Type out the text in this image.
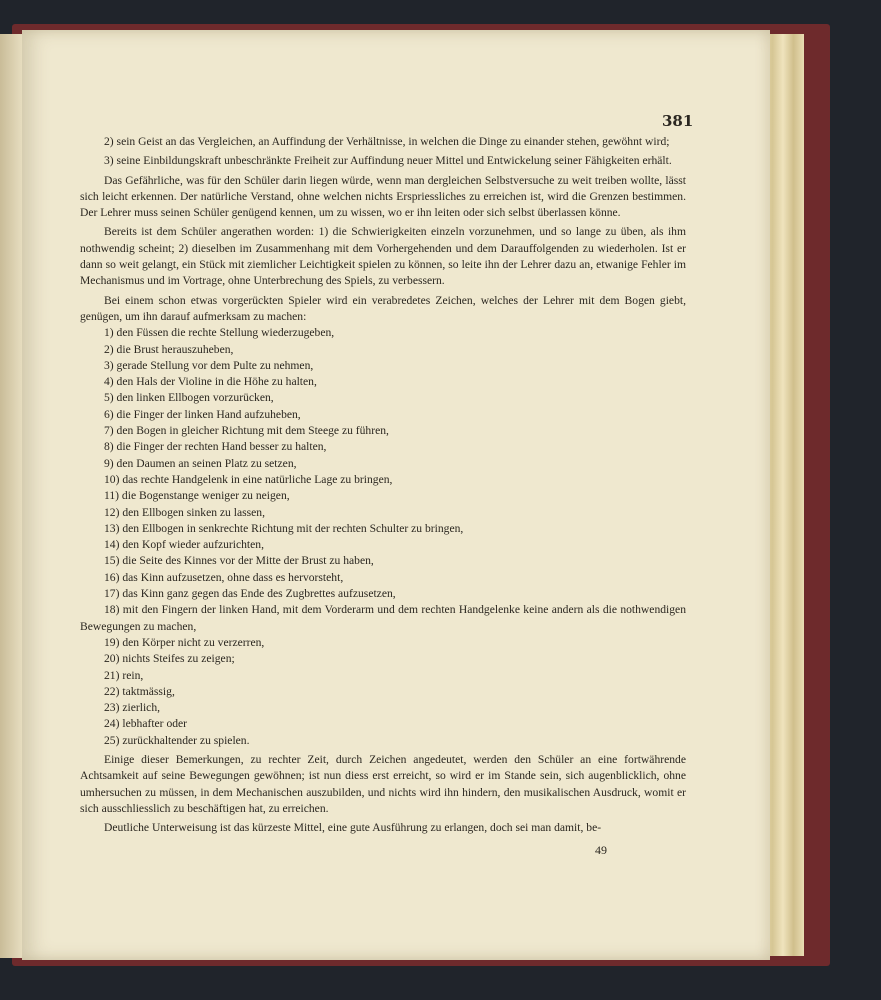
381

2) sein Geist an das Vergleichen, an Auffindung der Verhältnisse, in welchen die Dinge zu einander stehen, gewöhnt wird;

3) seine Einbildungskraft unbeschränkte Freiheit zur Auffindung neuer Mittel und Entwickelung seiner Fähigkeiten erhält.

Das Gefährliche, was für den Schüler darin liegen würde, wenn man dergleichen Selbstversuche zu weit treiben wollte, lässt sich leicht erkennen. Der natürliche Verstand, ohne welchen nichts Erspriessliches zu erreichen ist, wird die Grenzen bestimmen. Der Lehrer muss seinen Schüler genügend kennen, um zu wissen, wo er ihn leiten oder sich selbst überlassen könne.

Bereits ist dem Schüler angerathen worden: 1) die Schwierigkeiten einzeln vorzunehmen, und so lange zu üben, als ihm nothwendig scheint; 2) dieselben im Zusammenhang mit dem Vorhergehenden und dem Darauffolgenden zu wiederholen. Ist er dann so weit gelangt, ein Stück mit ziemlicher Leichtigkeit spielen zu können, so leite ihn der Lehrer dazu an, etwanige Fehler im Mechanismus und im Vortrage, ohne Unterbrechung des Spiels, zu verbessern.

Bei einem schon etwas vorgerückten Spieler wird ein verabredetes Zeichen, welches der Lehrer mit dem Bogen giebt, genügen, um ihn darauf aufmerksam zu machen:

1) den Füssen die rechte Stellung wiederzugeben,
2) die Brust herauszuheben,
3) gerade Stellung vor dem Pulte zu nehmen,
4) den Hals der Violine in die Höhe zu halten,
5) den linken Ellbogen vorzurücken,
6) die Finger der linken Hand aufzuheben,
7) den Bogen in gleicher Richtung mit dem Steege zu führen,
8) die Finger der rechten Hand besser zu halten,
9) den Daumen an seinen Platz zu setzen,
10) das rechte Handgelenk in eine natürliche Lage zu bringen,
11) die Bogenstange weniger zu neigen,
12) den Ellbogen sinken zu lassen,
13) den Ellbogen in senkrechte Richtung mit der rechten Schulter zu bringen,
14) den Kopf wieder aufzurichten,
15) die Seite des Kinnes vor der Mitte der Brust zu haben,
16) das Kinn aufzusetzen, ohne dass es hervorsteht,
17) das Kinn ganz gegen das Ende des Zugbrettes aufzusetzen,
18) mit den Fingern der linken Hand, mit dem Vorderarm und dem rechten Handgelenke keine andern als die nothwendigen Bewegungen zu machen,
19) den Körper nicht zu verzerren,
20) nichts Steifes zu zeigen;
21) rein,
22) taktmässig,
23) zierlich,
24) lebhafter oder
25) zurückhaltender zu spielen.

Einige dieser Bemerkungen, zu rechter Zeit, durch Zeichen angedeutet, werden den Schüler an eine fortwährende Achtsamkeit auf seine Bewegungen gewöhnen; ist nun diess erst erreicht, so wird er im Stande sein, sich augenblicklich, ohne umhersuchen zu müssen, in dem Mechanischen auszubilden, und nichts wird ihn hindern, den musikalischen Ausdruck, womit er sich ausschliesslich zu beschäftigen hat, zu erreichen.

Deutliche Unterweisung ist das kürzeste Mittel, eine gute Ausführung zu erlangen, doch sei man damit, be-

49
